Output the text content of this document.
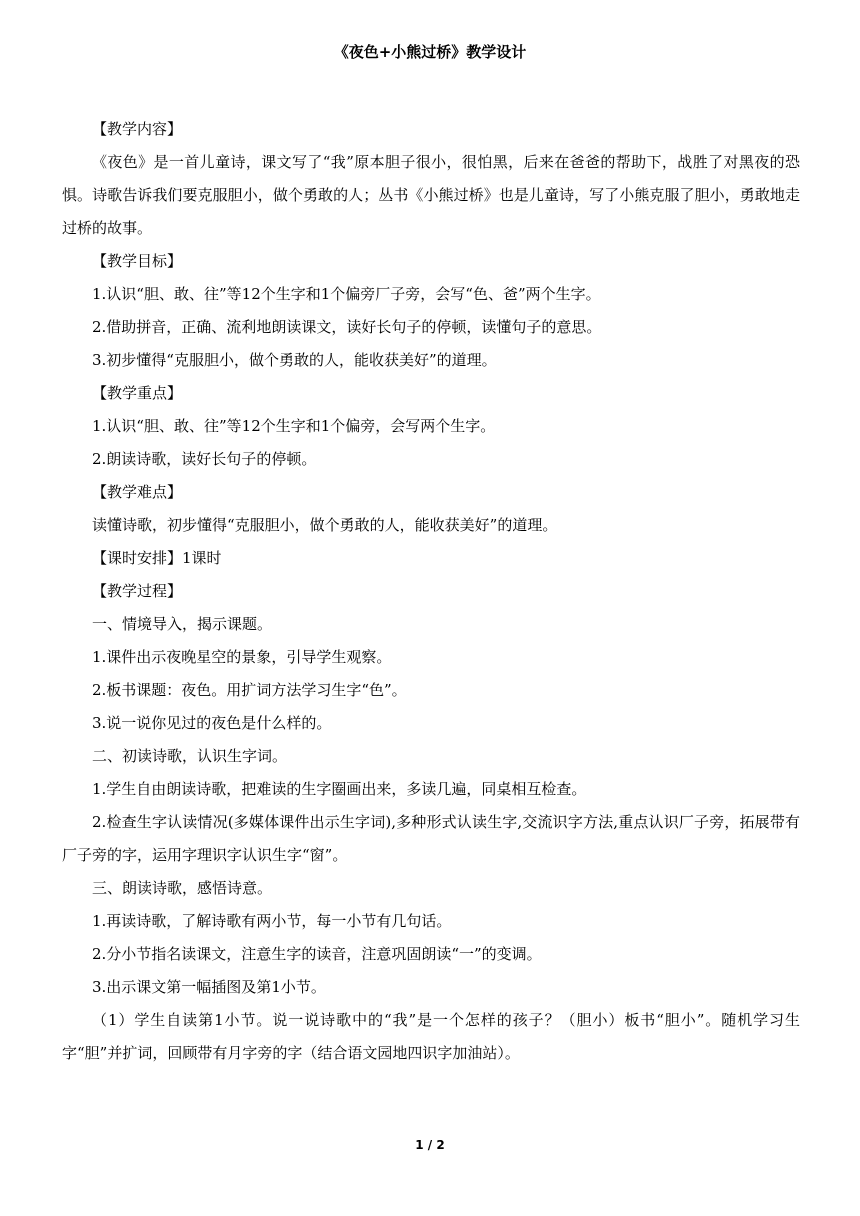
《夜色+小熊过桥》教学设计

【教学内容】

《夜色》是一首儿童诗，课文写了“我”原本胆子很小，很怕黑，后来在爸爸的帮助下，战胜了对黑夜的恐惧。诗歌告诉我们要克服胆小，做个勇敢的人；丛书《小熊过桥》也是儿童诗，写了小熊克服了胆小，勇敢地走过桥的故事。

【教学目标】

1.认识“胆、敢、往”等12个生字和1个偏旁厂子旁，会写“色、爸”两个生字。

2.借助拼音，正确、流利地朗读课文，读好长句子的停顿，读懂句子的意思。

3.初步懂得“克服胆小，做个勇敢的人，能收获美好”的道理。

【教学重点】

1.认识“胆、敢、往”等12个生字和1个偏旁，会写两个生字。

2.朗读诗歌，读好长句子的停顿。

【教学难点】

读懂诗歌，初步懂得“克服胆小，做个勇敢的人，能收获美好”的道理。

【课时安排】1课时

【教学过程】

一、情境导入，揭示课题。

1.课件出示夜晚星空的景象，引导学生观察。

2.板书课题：夜色。用扩词方法学习生字“色”。

3.说一说你见过的夜色是什么样的。

二、初读诗歌，认识生字词。

1.学生自由朗读诗歌，把难读的生字圈画出来，多读几遍，同桌相互检查。

2.检查生字认读情况(多媒体课件出示生字词),多种形式认读生字,交流识字方法,重点认识厂子旁，拓展带有厂子旁的字，运用字理识字认识生字“窗”。

三、朗读诗歌，感悟诗意。

1.再读诗歌，了解诗歌有两小节，每一小节有几句话。

2.分小节指名读课文，注意生字的读音，注意巩固朗读“一”的变调。

3.出示课文第一幅插图及第1小节。

（1）学生自读第1小节。说一说诗歌中的“我”是一个怎样的孩子？（胆小）板书“胆小”。随机学习生字“胆”并扩词，回顾带有月字旁的字（结合语文园地四识字加油站）。

1 / 2
